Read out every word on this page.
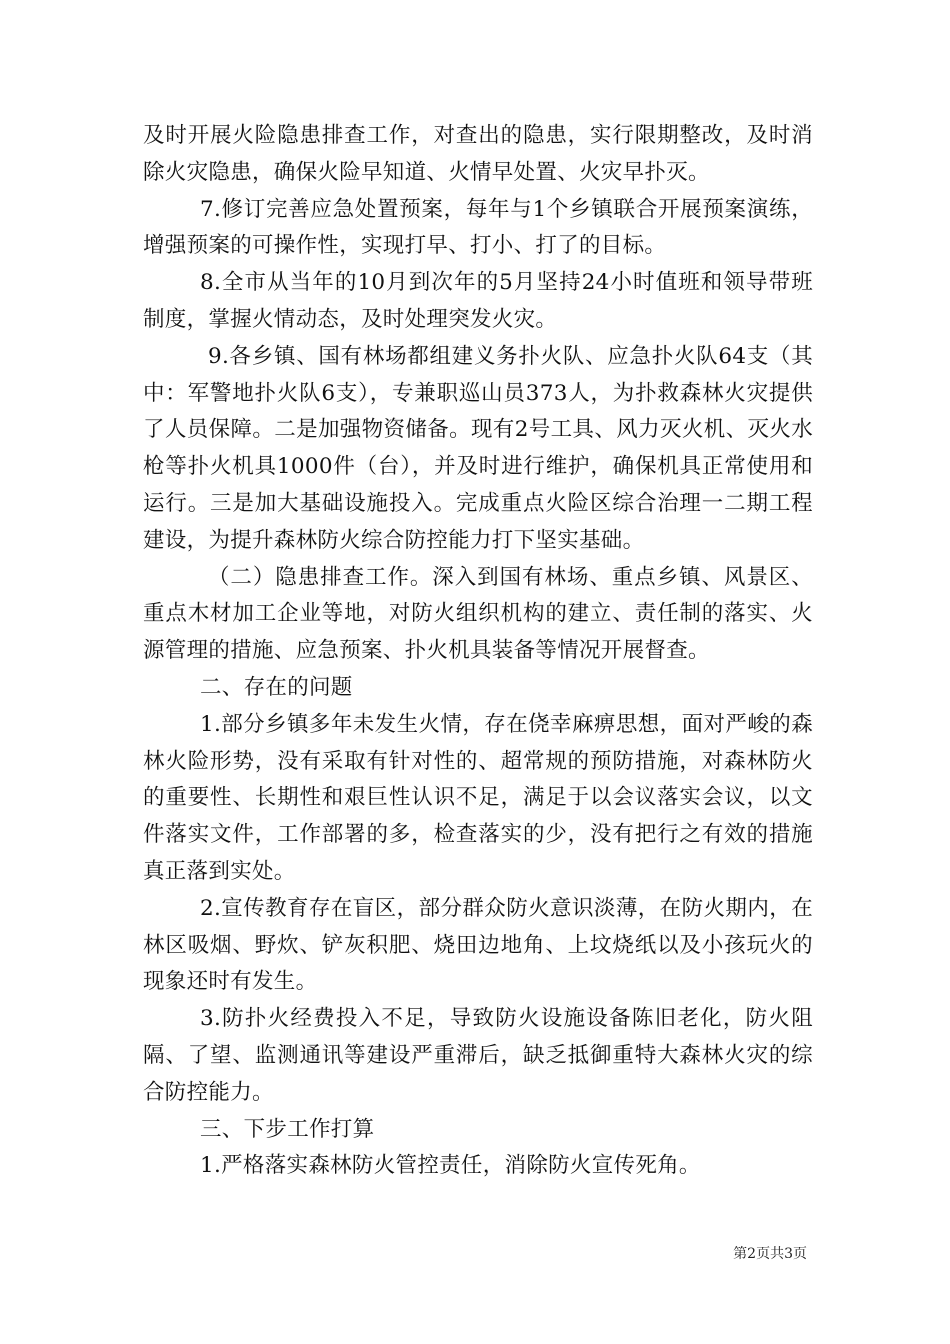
及时开展火险隐患排查工作，对查出的隐患，实行限期整改，及时消除火灾隐患，确保火险早知道、火情早处置、火灾早扑灭。

7.修订完善应急处置预案，每年与1个乡镇联合开展预案演练，增强预案的可操作性，实现打早、打小、打了的目标。

8.全市从当年的10月到次年的5月坚持24小时值班和领导带班制度，掌握火情动态，及时处理突发火灾。

9.各乡镇、国有林场都组建义务扑火队、应急扑火队64支（其中：军警地扑火队6支），专兼职巡山员373人，为扑救森林火灾提供了人员保障。二是加强物资储备。现有2号工具、风力灭火机、灭火水枪等扑火机具1000件（台），并及时进行维护，确保机具正常使用和运行。三是加大基础设施投入。完成重点火险区综合治理一二期工程建设，为提升森林防火综合防控能力打下坚实基础。

（二）隐患排查工作。深入到国有林场、重点乡镇、风景区、重点木材加工企业等地，对防火组织机构的建立、责任制的落实、火源管理的措施、应急预案、扑火机具装备等情况开展督查。

二、存在的问题

1.部分乡镇多年未发生火情，存在侥幸麻痹思想，面对严峻的森林火险形势，没有采取有针对性的、超常规的预防措施，对森林防火的重要性、长期性和艰巨性认识不足，满足于以会议落实会议，以文件落实文件，工作部署的多，检查落实的少，没有把行之有效的措施真正落到实处。

2.宣传教育存在盲区，部分群众防火意识淡薄，在防火期内，在林区吸烟、野炊、铲灰积肥、烧田边地角、上坟烧纸以及小孩玩火的现象还时有发生。

3.防扑火经费投入不足，导致防火设施设备陈旧老化，防火阻隔、了望、监测通讯等建设严重滞后，缺乏抵御重特大森林火灾的综合防控能力。

三、下步工作打算

1.严格落实森林防火管控责任，消除防火宣传死角。

第2页共3页
